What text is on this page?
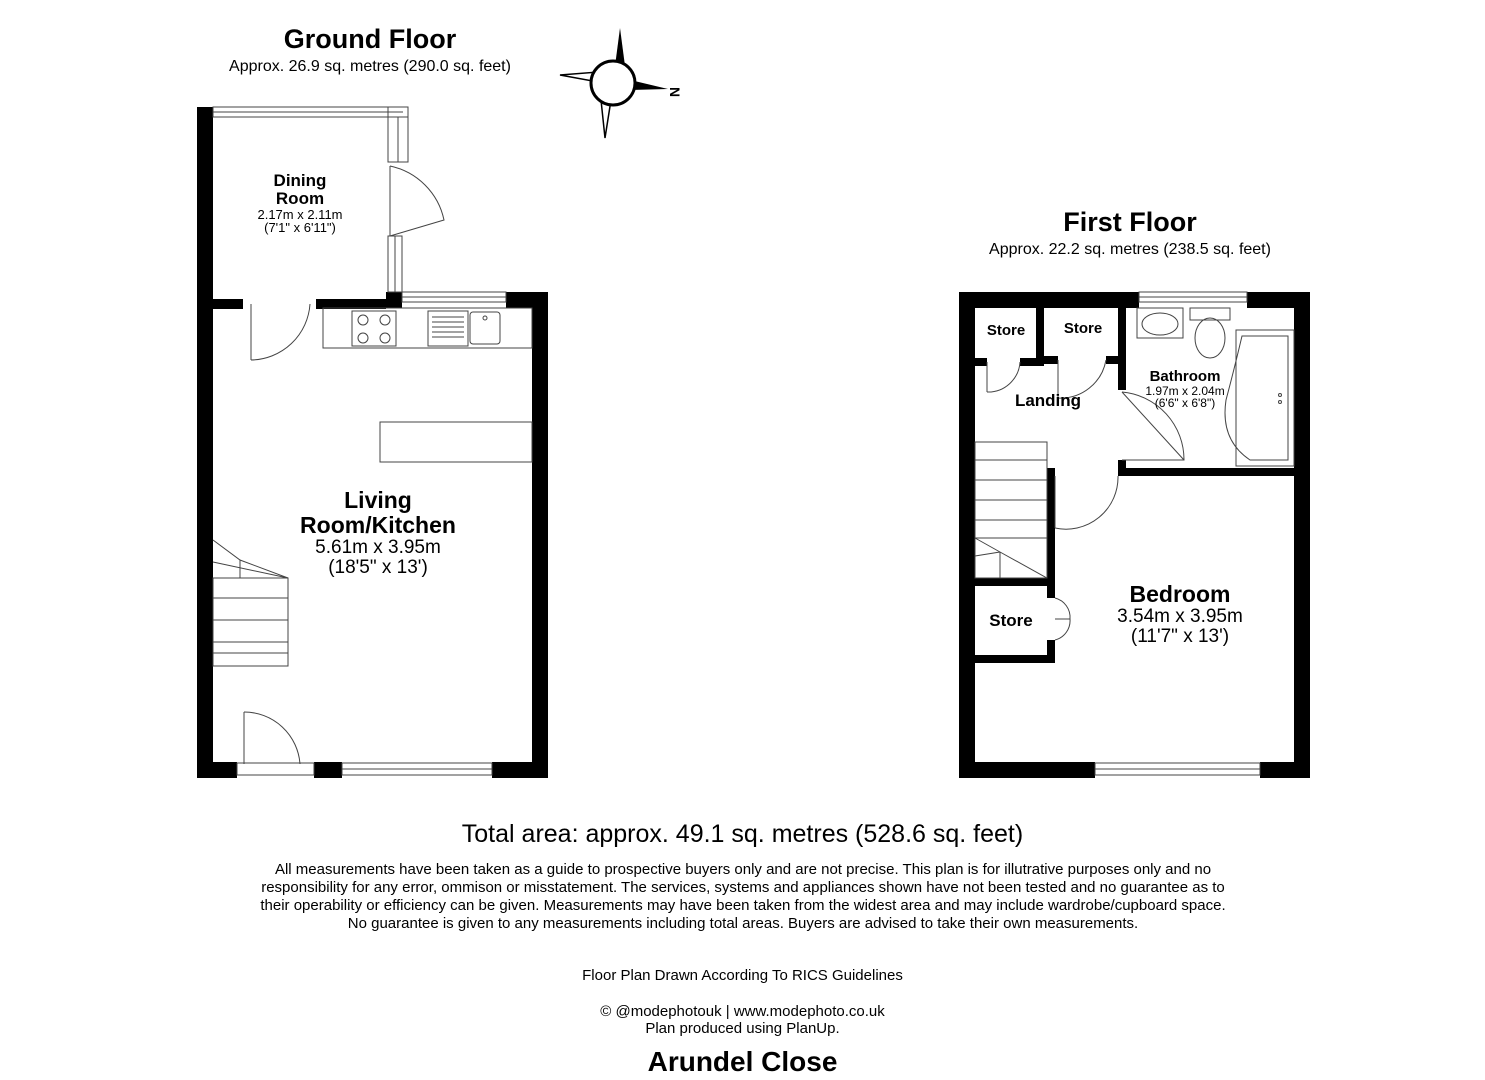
N
Ground Floor
Approx. 26.9 sq. metres (290.0 sq. feet)
Dining
Room
2.17m x 2.11m
(7'1" x 6'11")
Living
Room/Kitchen
5.61m x 3.95m
(18'5" x 13')
First Floor
Approx. 22.2 sq. metres (238.5 sq. feet)
Store	Store
Landing
Bathroom
1.97m x 2.04m
(6'6" x 6'8")
Store
Bedroom
3.54m x 3.95m
(11'7" x 13')
Total area: approx. 49.1 sq. metres (528.6 sq. feet)
All measurements have been taken as a guide to prospective buyers only and are not precise. This plan is for illutrative purposes only and no responsibility for any error, ommison or misstatement. The services, systems and appliances shown have not been tested and no guarantee as to their operability or efficiency can be given. Measurements may have been taken from the widest area and may include wardrobe/cupboard space. No guarantee is given to any measurements including total areas. Buyers are advised to take their own measurements.
Floor Plan Drawn According To RICS Guidelines
© @modephotouk | www.modephoto.co.uk
Plan produced using PlanUp.
Arundel Close
